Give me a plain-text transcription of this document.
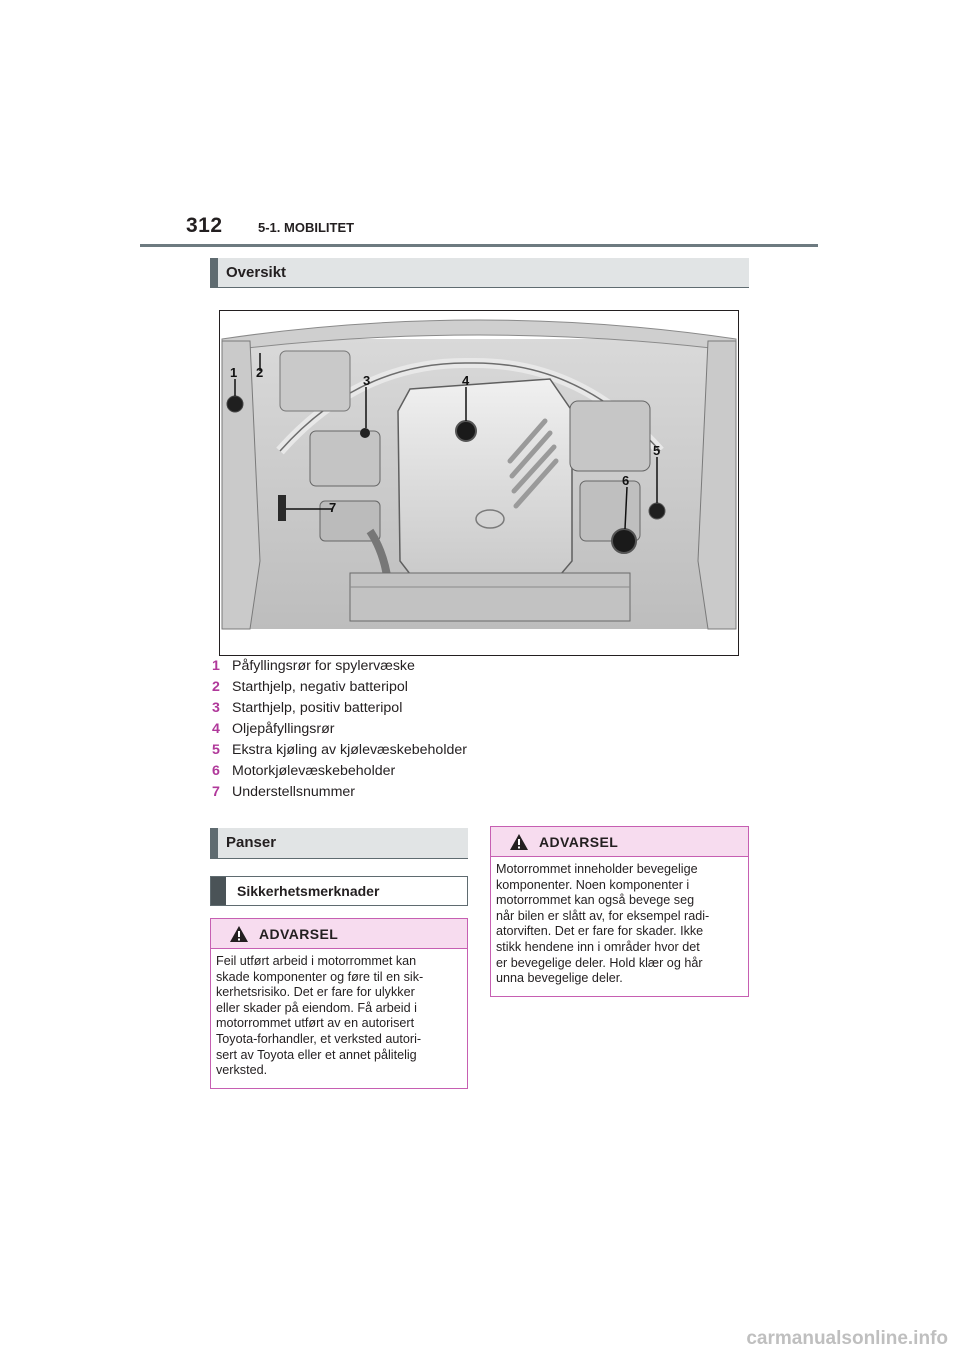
312	5-1. MOBILITET
Oversikt
1 2
3	4
5
6
7
1 Påfyllingsrør for spylervæske
2 Starthjelp, negativ batteripol
3 Starthjelp, positiv batteripol
4 Oljepåfyllingsrør
5 Ekstra kjøling av kjølevæskebeholder
6 Motorkjølevæskebeholder
7 Understellsnummer
Panser
Sikkerhetsmerknader
ADVARSEL
Feil utført arbeid i motorrommet kan
skade komponenter og føre til en sik-
kerhetsrisiko. Det er fare for ulykker
eller skader på eiendom. Få arbeid i
motorrommet utført av en autorisert
Toyota-forhandler, et verksted autori-
sert av Toyota eller et annet pålitelig
verksted.
ADVARSEL
Motorrommet inneholder bevegelige
komponenter. Noen komponenter i
motorrommet kan også bevege seg
når bilen er slått av, for eksempel radi-
atorviften. Det er fare for skader. Ikke
stikk hendene inn i områder hvor det
er bevegelige deler. Hold klær og hår
unna bevegelige deler.
carmanualsonline.info
